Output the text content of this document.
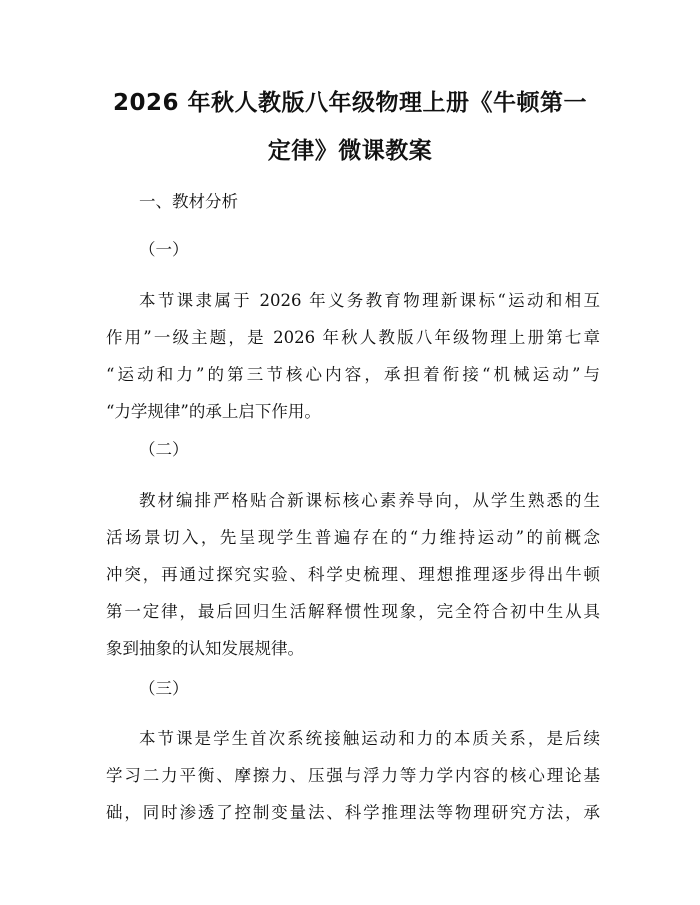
2026 年秋人教版八年级物理上册《牛顿第一
定律》微课教案
一、教材分析
（一）
本节课隶属于 2026 年义务教育物理新课标“运动和相互
作用”一级主题，是 2026 年秋人教版八年级物理上册第七章
“运动和力”的第三节核心内容，承担着衔接“机械运动”与
“力学规律”的承上启下作用。
（二）
教材编排严格贴合新课标核心素养导向，从学生熟悉的生
活场景切入，先呈现学生普遍存在的“力维持运动”的前概念
冲突，再通过探究实验、科学史梳理、理想推理逐步得出牛顿
第一定律，最后回归生活解释惯性现象，完全符合初中生从具
象到抽象的认知发展规律。
（三）
本节课是学生首次系统接触运动和力的本质关系，是后续
学习二力平衡、摩擦力、压强与浮力等力学内容的核心理论基
础，同时渗透了控制变量法、科学推理法等物理研究方法，承
